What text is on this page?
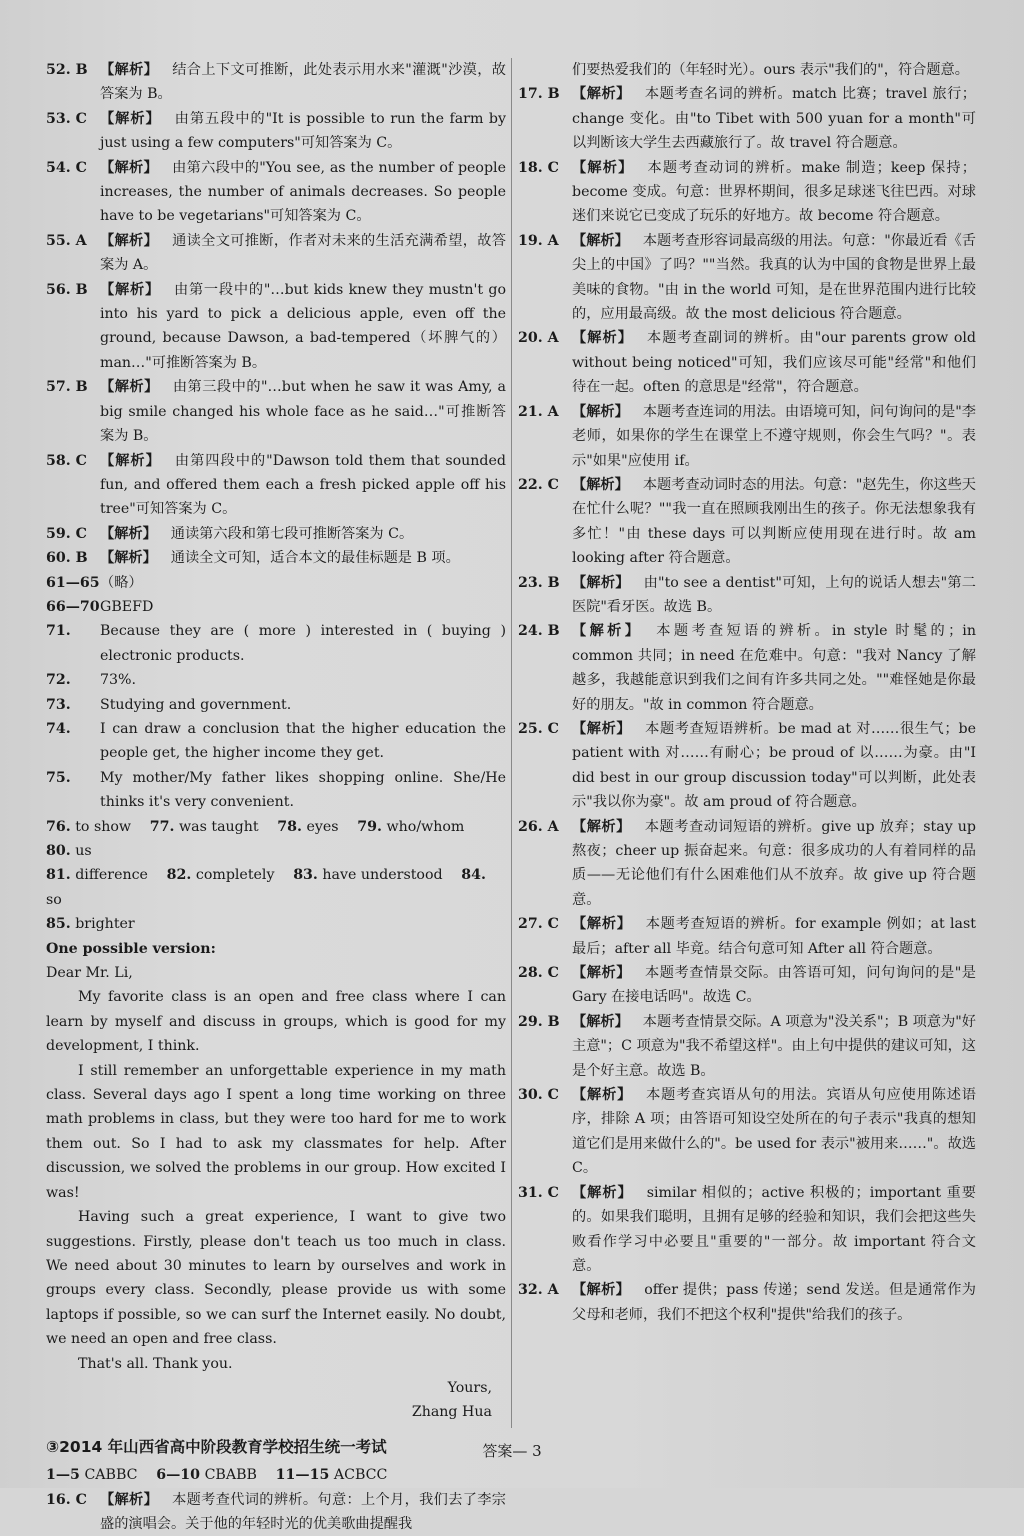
52. B 【解析】 结合上下文可推断，此处表示用水来"灌溉"沙漠，故答案为 B。
53. C 【解析】 由第五段中的"It is possible to run the farm by just using a few computers"可知答案为 C。
54. C 【解析】 由第六段中的"You see, as the number of people increases, the number of animals decreases. So people have to be vegetarians"可知答案为 C。
55. A 【解析】 通读全文可推断，作者对未来的生活充满希望，故答案为 A。
56. B 【解析】 由第一段中的"…but kids knew they mustn't go into his yard to pick a delicious apple, even off the ground, because Dawson, a bad-tempered（坏脾气的）man…"可推断答案为 B。
57. B 【解析】 由第三段中的"…but when he saw it was Amy, a big smile changed his whole face as he said…"可推断答案为 B。
58. C 【解析】 由第四段中的"Dawson told them that sounded fun, and offered them each a fresh picked apple off his tree"可知答案为 C。
59. C 【解析】 通读第六段和第七段可推断答案为 C。
60. B 【解析】 通读全文可知，适合本文的最佳标题是 B 项。
61—65 （略）
66—70 GBEFD
71. Because they are ( more ) interested in ( buying ) electronic products.
72. 73%.
73. Studying and government.
74. I can draw a conclusion that the higher education the people get, the higher income they get.
75. My mother/My father likes shopping online. She/He thinks it's very convenient.
76. to show  77. was taught  78. eyes  79. who/whom  80. us 
81. difference  82. completely  83. have understood  84. so 
85. brighter 
One possible version:
Dear Mr. Li,
My favorite class is an open and free class where I can learn by myself and discuss in groups, which is good for my development, I think.
I still remember an unforgettable experience in my math class. Several days ago I spent a long time working on three math problems in class, but they were too hard for me to work them out. So I had to ask my classmates for help. After discussion, we solved the problems in our group. How excited I was!
Having such a great experience, I want to give two suggestions. Firstly, please don't teach us too much in class. We need about 30 minutes to learn by ourselves and work in groups every class. Secondly, please provide us with some laptops if possible, so we can surf the Internet easily. No doubt, we need an open and free class.
That's all. Thank you.
Yours,
Zhang Hua
③2014 年山西省高中阶段教育学校招生统一考试
1—5 CABBC  6—10 CBABB  11—15 ACBCC 
16. C 【解析】 本题考查代词的辨析。句意：上个月，我们去了李宗盛的演唱会。关于他的年轻时光的优美歌曲提醒我
们要热爱我们的（年轻时光）。ours 表示"我们的"，符合题意。
17. B 【解析】 本题考查名词的辨析。match 比赛；travel 旅行；change 变化。由"to Tibet with 500 yuan for a month"可以判断该大学生去西藏旅行了。故 travel 符合题意。
18. C 【解析】 本题考查动词的辨析。make 制造；keep 保持；become 变成。句意：世界杯期间，很多足球迷飞往巴西。对球迷们来说它已变成了玩乐的好地方。故 become 符合题意。
19. A 【解析】 本题考查形容词最高级的用法。句意："你最近看《舌尖上的中国》了吗？""当然。我真的认为中国的食物是世界上最美味的食物。"由 in the world 可知，是在世界范围内进行比较的，应用最高级。故 the most delicious 符合题意。
20. A 【解析】 本题考查副词的辨析。由"our parents grow old without being noticed"可知，我们应该尽可能"经常"和他们待在一起。often 的意思是"经常"，符合题意。
21. A 【解析】 本题考查连词的用法。由语境可知，问句询问的是"李老师，如果你的学生在课堂上不遵守规则，你会生气吗？"。表示"如果"应使用 if。
22. C 【解析】 本题考查动词时态的用法。句意："赵先生，你这些天在忙什么呢？""我一直在照顾我刚出生的孩子。你无法想象我有多忙！"由 these days 可以判断应使用现在进行时。故 am looking after 符合题意。
23. B 【解析】 由"to see a dentist"可知，上句的说话人想去"第二医院"看牙医。故选 B。
24. B 【解析】 本题考查短语的辨析。in style 时髦的；in common 共同；in need 在危难中。句意："我对 Nancy 了解越多，我越能意识到我们之间有许多共同之处。""难怪她是你最好的朋友。"故 in common 符合题意。
25. C 【解析】 本题考查短语辨析。be mad at 对……很生气；be patient with 对……有耐心；be proud of 以……为豪。由"I did best in our group discussion today"可以判断，此处表示"我以你为豪"。故 am proud of 符合题意。
26. A 【解析】 本题考查动词短语的辨析。give up 放弃；stay up 熬夜；cheer up 振奋起来。句意：很多成功的人有着同样的品质——无论他们有什么困难他们从不放弃。故 give up 符合题意。
27. C 【解析】 本题考查短语的辨析。for example 例如；at last 最后；after all 毕竟。结合句意可知 After all 符合题意。
28. C 【解析】 本题考查情景交际。由答语可知，问句询问的是"是 Gary 在接电话吗"。故选 C。
29. B 【解析】 本题考查情景交际。A 项意为"没关系"；B 项意为"好主意"；C 项意为"我不希望这样"。由上句中提供的建议可知，这是个好主意。故选 B。
30. C 【解析】 本题考查宾语从句的用法。宾语从句应使用陈述语序，排除 A 项；由答语可知设空处所在的句子表示"我真的想知道它们是用来做什么的"。be used for 表示"被用来……"。故选 C。
31. C 【解析】 similar 相似的；active 积极的；important 重要的。如果我们聪明，且拥有足够的经验和知识，我们会把这些失败看作学习中必要且"重要的"一部分。故 important 符合文意。
32. A 【解析】 offer 提供；pass 传递；send 发送。但是通常作为父母和老师，我们不把这个权利"提供"给我们的孩子。
答案— 3
